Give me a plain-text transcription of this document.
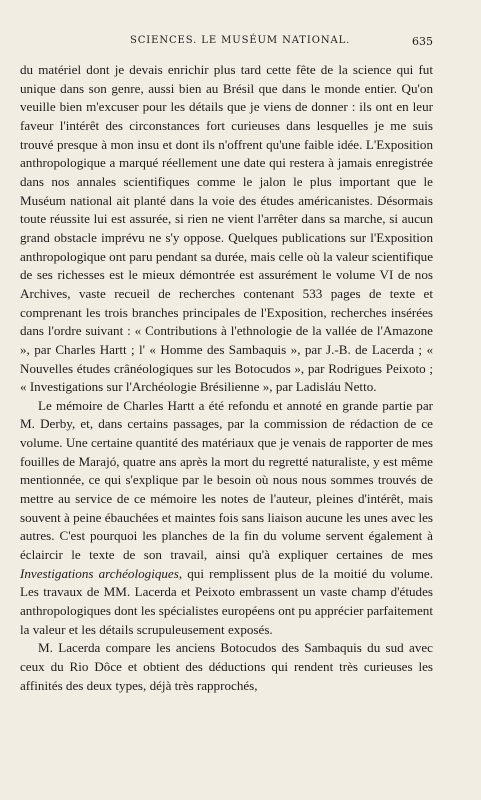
SCIENCES. LE MUSÉUM NATIONAL.	635

du matériel dont je devais enrichir plus tard cette fête de la science qui fut unique dans son genre, aussi bien au Brésil que dans le monde entier. Qu'on veuille bien m'excuser pour les détails que je viens de donner : ils ont en leur faveur l'intérêt des circonstances fort curieuses dans lesquelles je me suis trouvé presque à mon insu et dont ils n'offrent qu'une faible idée. L'Exposition anthropologique a marqué réellement une date qui restera à jamais enregistrée dans nos annales scientifiques comme le jalon le plus important que le Muséum national ait planté dans la voie des études américanistes. Désormais toute réussite lui est assurée, si rien ne vient l'arrêter dans sa marche, si aucun grand obstacle imprévu ne s'y oppose. Quelques publications sur l'Exposition anthropologique ont paru pendant sa durée, mais celle où la valeur scientifique de ses richesses est le mieux démontrée est assurément le volume VI de nos Archives, vaste recueil de recherches contenant 533 pages de texte et comprenant les trois branches principales de l'Exposition, recherches insérées dans l'ordre suivant : « Contributions à l'ethnologie de la vallée de l'Amazone », par Charles Hartt ; l' « Homme des Sambaquis », par J.-B. de Lacerda ; « Nouvelles études crânéologiques sur les Botocudos », par Rodrigues Peixoto ; « Investigations sur l'Archéologie Brésilienne », par Ladisláu Netto.

Le mémoire de Charles Hartt a été refondu et annoté en grande partie par M. Derby, et, dans certains passages, par la commission de rédaction de ce volume. Une certaine quantité des matériaux que je venais de rapporter de mes fouilles de Marajó, quatre ans après la mort du regretté naturaliste, y est même mentionnée, ce qui s'explique par le besoin où nous nous sommes trouvés de mettre au service de ce mémoire les notes de l'auteur, pleines d'intérêt, mais souvent à peine ébauchées et maintes fois sans liaison aucune les unes avec les autres. C'est pourquoi les planches de la fin du volume servent également à éclaircir le texte de son travail, ainsi qu'à expliquer certaines de mes Investigations archéologiques, qui remplissent plus de la moitié du volume. Les travaux de MM. Lacerda et Peixoto embrassent un vaste champ d'études anthropologiques dont les spécialistes européens ont pu apprécier parfaitement la valeur et les détails scrupuleusement exposés.

M. Lacerda compare les anciens Botocudos des Sambaquis du sud avec ceux du Rio Dôce et obtient des déductions qui rendent très curieuses les affinités des deux types, déjà très rapprochés,
